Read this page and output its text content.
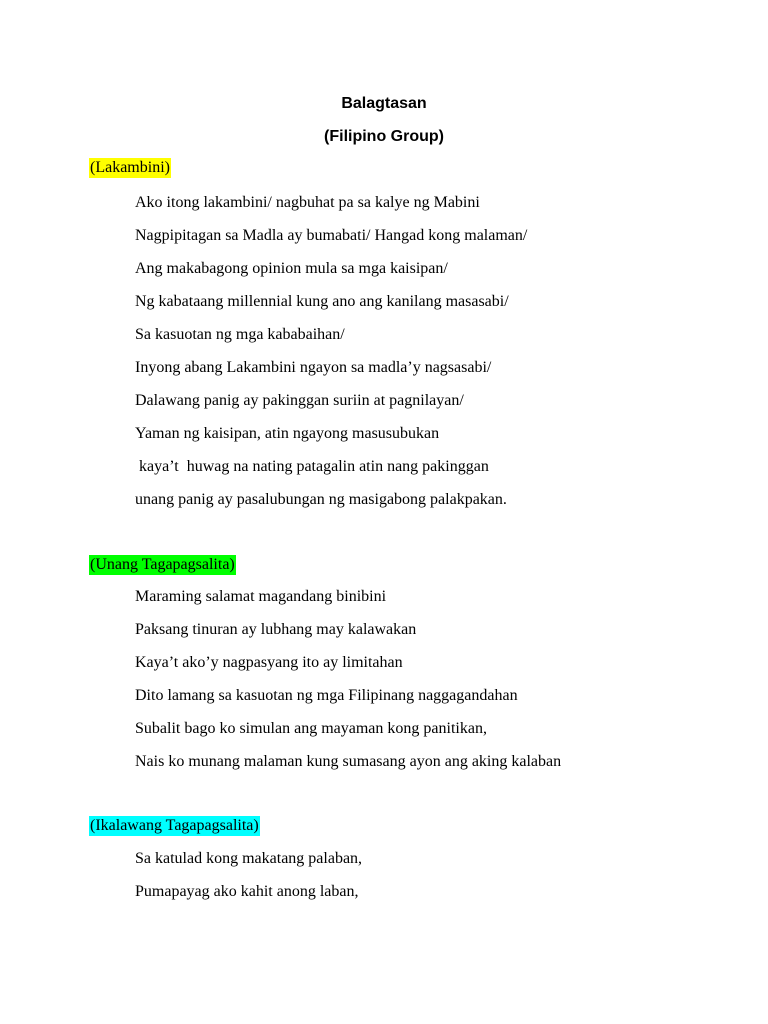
Balagtasan
(Filipino Group)
(Lakambini)
Ako itong lakambini/ nagbuhat pa sa kalye ng Mabini
Nagpipitagan sa Madla ay bumabati/ Hangad kong malaman/
Ang makabagong opinion mula sa mga kaisipan/
Ng kabataang millennial kung ano ang kanilang masasabi/
Sa kasuotan ng mga kababaihan/
Inyong abang Lakambini ngayon sa madla’y nagsasabi/
Dalawang panig ay pakinggan suriin at pagnilayan/
Yaman ng kaisipan, atin ngayong masusubukan
kaya’t  huwag na nating patagalin atin nang pakinggan
unang panig ay pasalubungan ng masigabong palakpakan.
(Unang Tagapagsalita)
Maraming salamat magandang binibini
Paksang tinuran ay lubhang may kalawakan
Kaya’t ako’y nagpasyang ito ay limitahan
Dito lamang sa kasuotan ng mga Filipinang naggagandahan
Subalit bago ko simulan ang mayaman kong panitikan,
Nais ko munang malaman kung sumasang ayon ang aking kalaban
(Ikalawang Tagapagsalita)
Sa katulad kong makatang palaban,
Pumapayag ako kahit anong laban,
